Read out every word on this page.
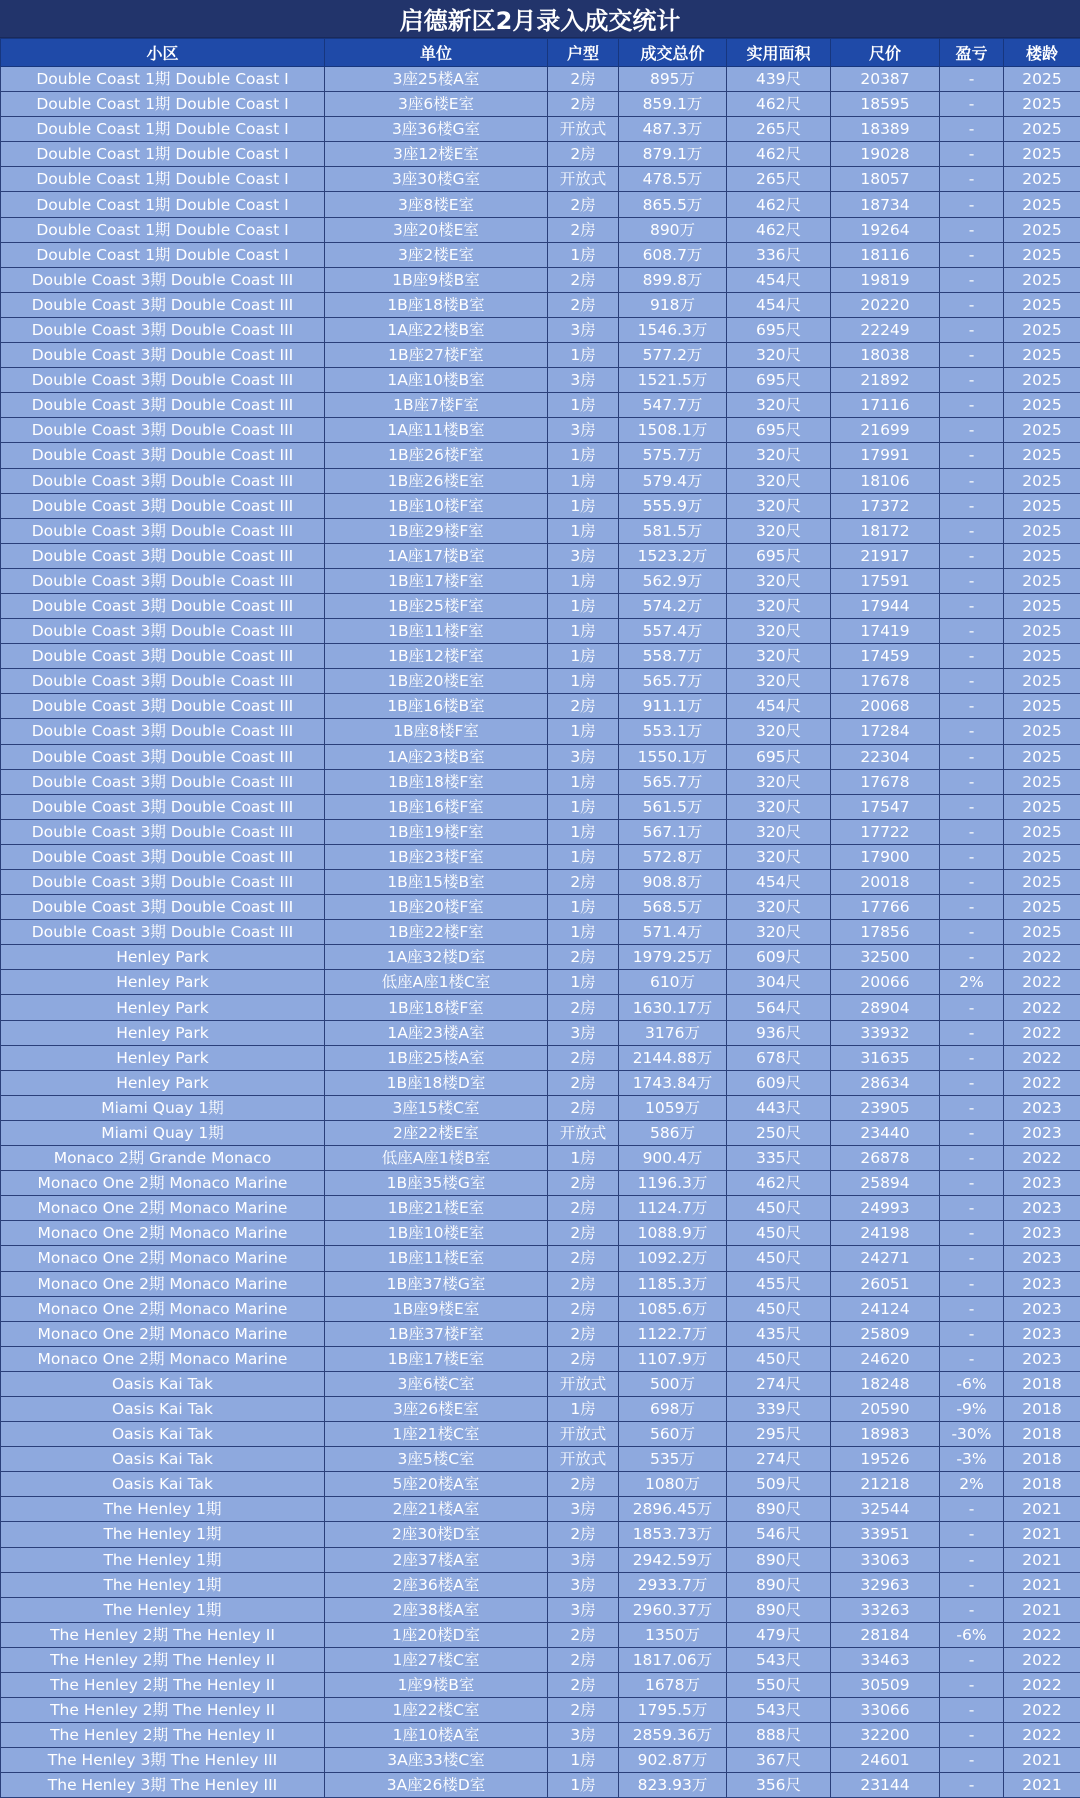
启德新区2月录入成交统计
小区	单位	户型	成交总价	实用面积	尺价	盈亏	楼龄
Double Coast 1期 Double Coast I	3座25楼A室	2房	895万	439尺	20387	-	2025
Double Coast 1期 Double Coast I	3座6楼E室	2房	859.1万	462尺	18595	-	2025
Double Coast 1期 Double Coast I	3座36楼G室	开放式	487.3万	265尺	18389	-	2025
Double Coast 1期 Double Coast I	3座12楼E室	2房	879.1万	462尺	19028	-	2025
Double Coast 1期 Double Coast I	3座30楼G室	开放式	478.5万	265尺	18057	-	2025
Double Coast 1期 Double Coast I	3座8楼E室	2房	865.5万	462尺	18734	-	2025
Double Coast 1期 Double Coast I	3座20楼E室	2房	890万	462尺	19264	-	2025
Double Coast 1期 Double Coast I	3座2楼E室	1房	608.7万	336尺	18116	-	2025
Double Coast 3期 Double Coast III	1B座9楼B室	2房	899.8万	454尺	19819	-	2025
Double Coast 3期 Double Coast III	1B座18楼B室	2房	918万	454尺	20220	-	2025
Double Coast 3期 Double Coast III	1A座22楼B室	3房	1546.3万	695尺	22249	-	2025
Double Coast 3期 Double Coast III	1B座27楼F室	1房	577.2万	320尺	18038	-	2025
Double Coast 3期 Double Coast III	1A座10楼B室	3房	1521.5万	695尺	21892	-	2025
Double Coast 3期 Double Coast III	1B座7楼F室	1房	547.7万	320尺	17116	-	2025
Double Coast 3期 Double Coast III	1A座11楼B室	3房	1508.1万	695尺	21699	-	2025
Double Coast 3期 Double Coast III	1B座26楼F室	1房	575.7万	320尺	17991	-	2025
Double Coast 3期 Double Coast III	1B座26楼E室	1房	579.4万	320尺	18106	-	2025
Double Coast 3期 Double Coast III	1B座10楼F室	1房	555.9万	320尺	17372	-	2025
Double Coast 3期 Double Coast III	1B座29楼F室	1房	581.5万	320尺	18172	-	2025
Double Coast 3期 Double Coast III	1A座17楼B室	3房	1523.2万	695尺	21917	-	2025
Double Coast 3期 Double Coast III	1B座17楼F室	1房	562.9万	320尺	17591	-	2025
Double Coast 3期 Double Coast III	1B座25楼F室	1房	574.2万	320尺	17944	-	2025
Double Coast 3期 Double Coast III	1B座11楼F室	1房	557.4万	320尺	17419	-	2025
Double Coast 3期 Double Coast III	1B座12楼F室	1房	558.7万	320尺	17459	-	2025
Double Coast 3期 Double Coast III	1B座20楼E室	1房	565.7万	320尺	17678	-	2025
Double Coast 3期 Double Coast III	1B座16楼B室	2房	911.1万	454尺	20068	-	2025
Double Coast 3期 Double Coast III	1B座8楼F室	1房	553.1万	320尺	17284	-	2025
Double Coast 3期 Double Coast III	1A座23楼B室	3房	1550.1万	695尺	22304	-	2025
Double Coast 3期 Double Coast III	1B座18楼F室	1房	565.7万	320尺	17678	-	2025
Double Coast 3期 Double Coast III	1B座16楼F室	1房	561.5万	320尺	17547	-	2025
Double Coast 3期 Double Coast III	1B座19楼F室	1房	567.1万	320尺	17722	-	2025
Double Coast 3期 Double Coast III	1B座23楼F室	1房	572.8万	320尺	17900	-	2025
Double Coast 3期 Double Coast III	1B座15楼B室	2房	908.8万	454尺	20018	-	2025
Double Coast 3期 Double Coast III	1B座20楼F室	1房	568.5万	320尺	17766	-	2025
Double Coast 3期 Double Coast III	1B座22楼F室	1房	571.4万	320尺	17856	-	2025
Henley Park	1A座32楼D室	2房	1979.25万	609尺	32500	-	2022
Henley Park	低座A座1楼C室	1房	610万	304尺	20066	2%	2022
Henley Park	1B座18楼F室	2房	1630.17万	564尺	28904	-	2022
Henley Park	1A座23楼A室	3房	3176万	936尺	33932	-	2022
Henley Park	1B座25楼A室	2房	2144.88万	678尺	31635	-	2022
Henley Park	1B座18楼D室	2房	1743.84万	609尺	28634	-	2022
Miami Quay 1期	3座15楼C室	2房	1059万	443尺	23905	-	2023
Miami Quay 1期	2座22楼E室	开放式	586万	250尺	23440	-	2023
Monaco 2期 Grande Monaco	低座A座1楼B室	1房	900.4万	335尺	26878	-	2022
Monaco One 2期 Monaco Marine	1B座35楼G室	2房	1196.3万	462尺	25894	-	2023
Monaco One 2期 Monaco Marine	1B座21楼E室	2房	1124.7万	450尺	24993	-	2023
Monaco One 2期 Monaco Marine	1B座10楼E室	2房	1088.9万	450尺	24198	-	2023
Monaco One 2期 Monaco Marine	1B座11楼E室	2房	1092.2万	450尺	24271	-	2023
Monaco One 2期 Monaco Marine	1B座37楼G室	2房	1185.3万	455尺	26051	-	2023
Monaco One 2期 Monaco Marine	1B座9楼E室	2房	1085.6万	450尺	24124	-	2023
Monaco One 2期 Monaco Marine	1B座37楼F室	2房	1122.7万	435尺	25809	-	2023
Monaco One 2期 Monaco Marine	1B座17楼E室	2房	1107.9万	450尺	24620	-	2023
Oasis Kai Tak	3座6楼C室	开放式	500万	274尺	18248	-6%	2018
Oasis Kai Tak	3座26楼E室	1房	698万	339尺	20590	-9%	2018
Oasis Kai Tak	1座21楼C室	开放式	560万	295尺	18983	-30%	2018
Oasis Kai Tak	3座5楼C室	开放式	535万	274尺	19526	-3%	2018
Oasis Kai Tak	5座20楼A室	2房	1080万	509尺	21218	2%	2018
The Henley 1期	2座21楼A室	3房	2896.45万	890尺	32544	-	2021
The Henley 1期	2座30楼D室	2房	1853.73万	546尺	33951	-	2021
The Henley 1期	2座37楼A室	3房	2942.59万	890尺	33063	-	2021
The Henley 1期	2座36楼A室	3房	2933.7万	890尺	32963	-	2021
The Henley 1期	2座38楼A室	3房	2960.37万	890尺	33263	-	2021
The Henley 2期 The Henley II	1座20楼D室	2房	1350万	479尺	28184	-6%	2022
The Henley 2期 The Henley II	1座27楼C室	2房	1817.06万	543尺	33463	-	2022
The Henley 2期 The Henley II	1座9楼B室	2房	1678万	550尺	30509	-	2022
The Henley 2期 The Henley II	1座22楼C室	2房	1795.5万	543尺	33066	-	2022
The Henley 2期 The Henley II	1座10楼A室	3房	2859.36万	888尺	32200	-	2022
The Henley 3期 The Henley III	3A座33楼C室	1房	902.87万	367尺	24601	-	2021
The Henley 3期 The Henley III	3A座26楼D室	1房	823.93万	356尺	23144	-	2021
